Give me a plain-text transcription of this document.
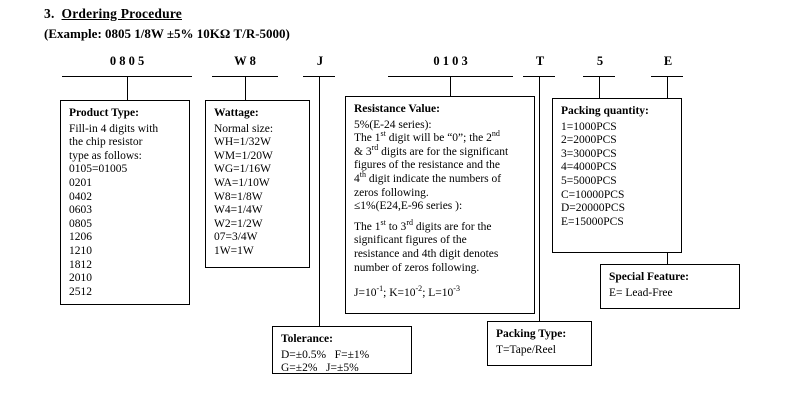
3. Ordering Procedure
(Example: 0805 1/8W ±5% 10KΩ T/R-5000)
0 8 0 5	W 8	J	0 1 0 3	T	5	E
Product Type:
Fill-in 4 digits with
the chip resistor
type as follows:
0105=01005
0201
0402
0603
0805
1206
1210
1812
2010
2512
Wattage:
Normal size:
WH=1/32W
WM=1/20W
WG=1/16W
WA=1/10W
W8=1/8W
W4=1/4W
W2=1/2W
07=3/4W
1W=1W
Resistance Value:
5%(E-24 series):
The 1st digit will be “0”; the 2nd
& 3rd digits are for the significant
figures of the resistance and the
4th digit indicate the numbers of
zeros following.
≤1%(E24,E-96 series ):
The 1st to 3rd digits are for the
significant figures of the
resistance and 4th digit denotes
number of zeros following.
$J=10^{-1}$; $K=10^{-2}$; $L=10^{-3}$
Packing quantity:
1=1000PCS
2=2000PCS
3=3000PCS
4=4000PCS
5=5000PCS
C=10000PCS
D=20000PCS
E=15000PCS
Special Feature:
E= Lead-Free
Tolerance:
D=±0.5%   F=±1%
G=±2%   J=±5%
Packing Type:
T=Tape/Reel
